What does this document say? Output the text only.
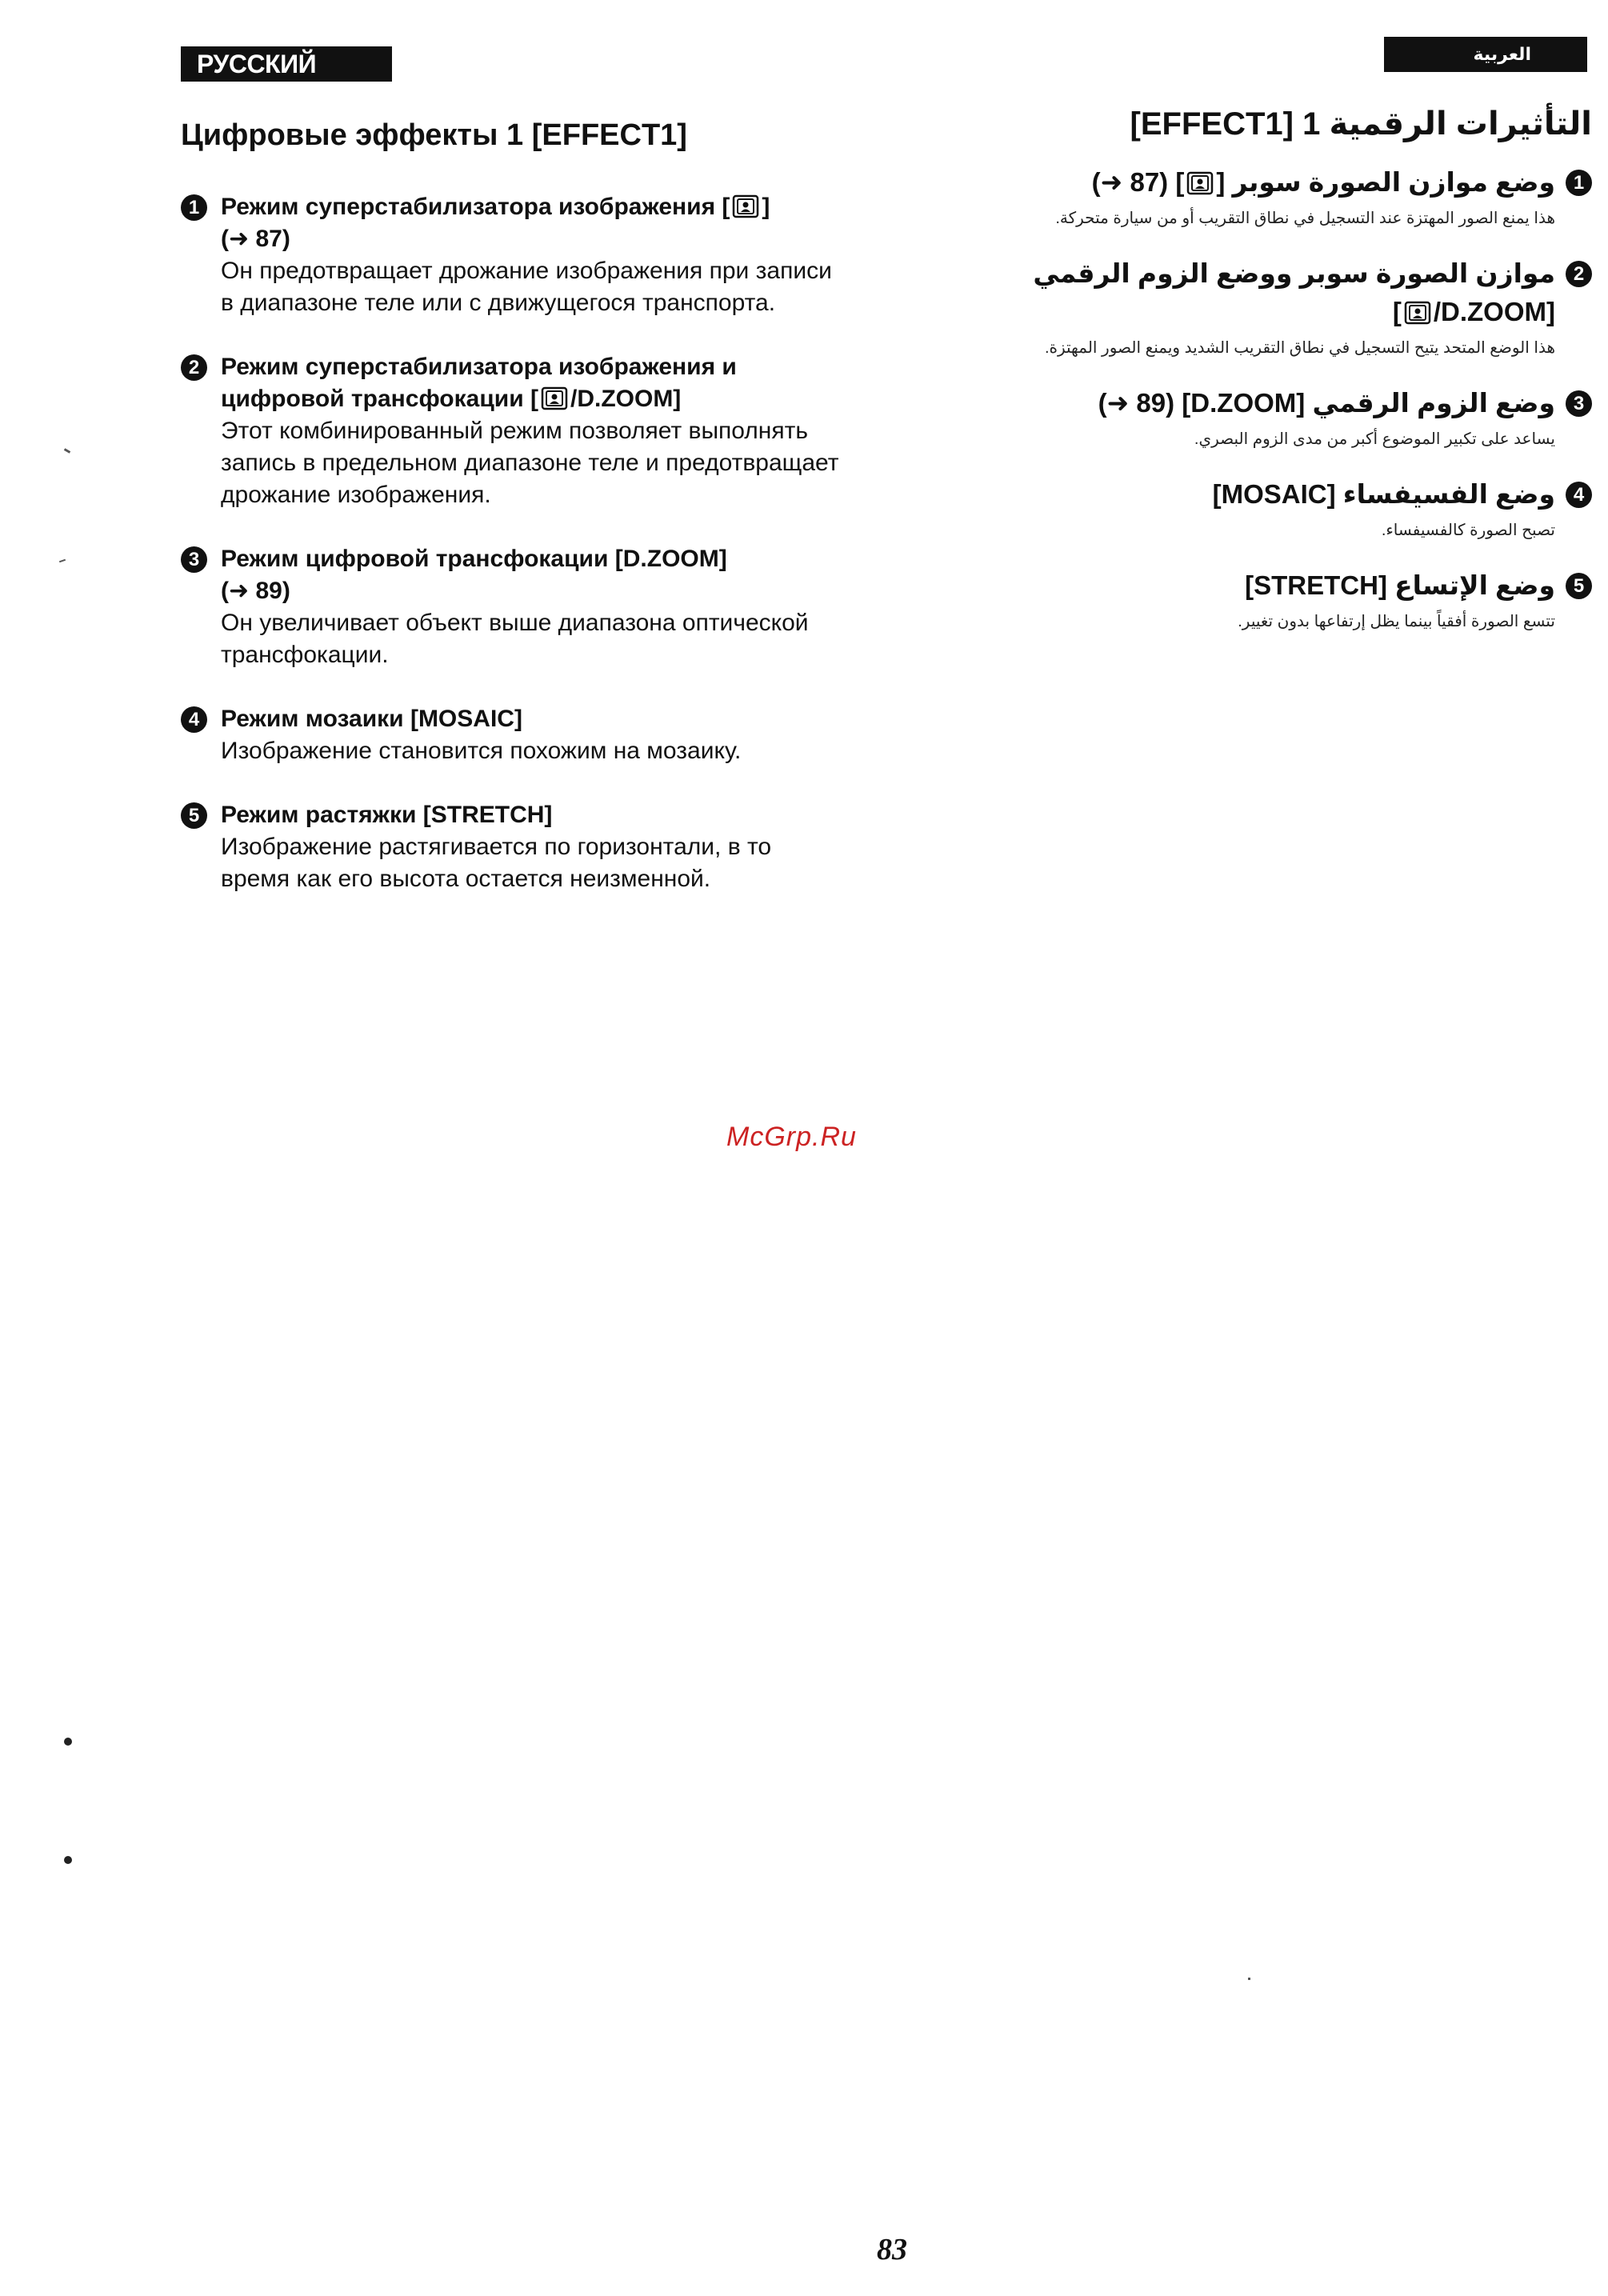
РУССКИЙ ЯЗЫК
العربية
Цифровые эффекты 1 [EFFECT1]
1 Режим суперстабилизатора изображения [ ]
(➜ 87)
Он предотвращает дрожание изображения при записи в диапазоне теле или с движущегося транспорта.
2 Режим суперстабилизатора изображения и цифровой трансфокации [ /D.ZOOM]
Этот комбинированный режим позволяет выполнять запись в предельном диапазоне теле и предотвращает дрожание изображения.
3 Режим цифровой трансфокации [D.ZOOM]
(➜ 89)
Он увеличивает объект выше диапазона оптической трансфокации.
4 Режим мозаики [MOSAIC]
Изображение становится похожим на мозаику.
5 Режим растяжки [STRETCH]
Изображение растягивается по горизонтали, в то время как его высота остается неизменной.
التأثيرات الرقمية 1 [EFFECT1]
1
وضع موازن الصورة سوبر [] (➜ 87)
هذا يمنع الصور المهتزة عند التسجيل في نطاق التقريب أو من سيارة متحركة.
2
موازن الصورة سوبر ووضع الزوم الرقمي
[ /D.ZOOM]
هذا الوضع المتحد يتيح التسجيل في نطاق التقريب الشديد ويمنع الصور المهتزة.
3
وضع الزوم الرقمي [D.ZOOM] (➜ 89)
يساعد على تكبير الموضوع أكبر من مدى الزوم البصري.
4
وضع الفسيفساء [MOSAIC]
تصبح الصورة كالفسيفساء.
5
وضع الإتساع [STRETCH]
تتسع الصورة أفقياً بينما يظل إرتفاعها بدون تغيير.
McGrp.Ru
83
